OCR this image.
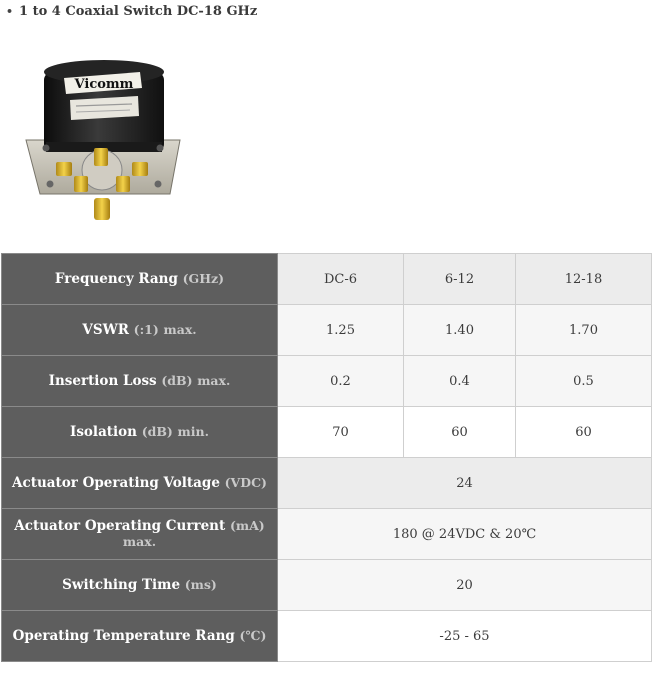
• 1 to 4 Coaxial Switch DC-18 GHz
Vicomm
Frequency Rang (GHz)	DC-6	6-12	12-18
VSWR (:1) max.	1.25	1.40	1.70
Insertion Loss (dB) max.	0.2	0.4	0.5
Isolation (dB) min.	70	60	60
Actuator Operating Voltage (VDC)	24		
Actuator Operating Current (mA) max.	180 @ 24VDC & 20℃		
Switching Time (ms)	20		
Operating Temperature Rang (℃)	-25 - 65		
